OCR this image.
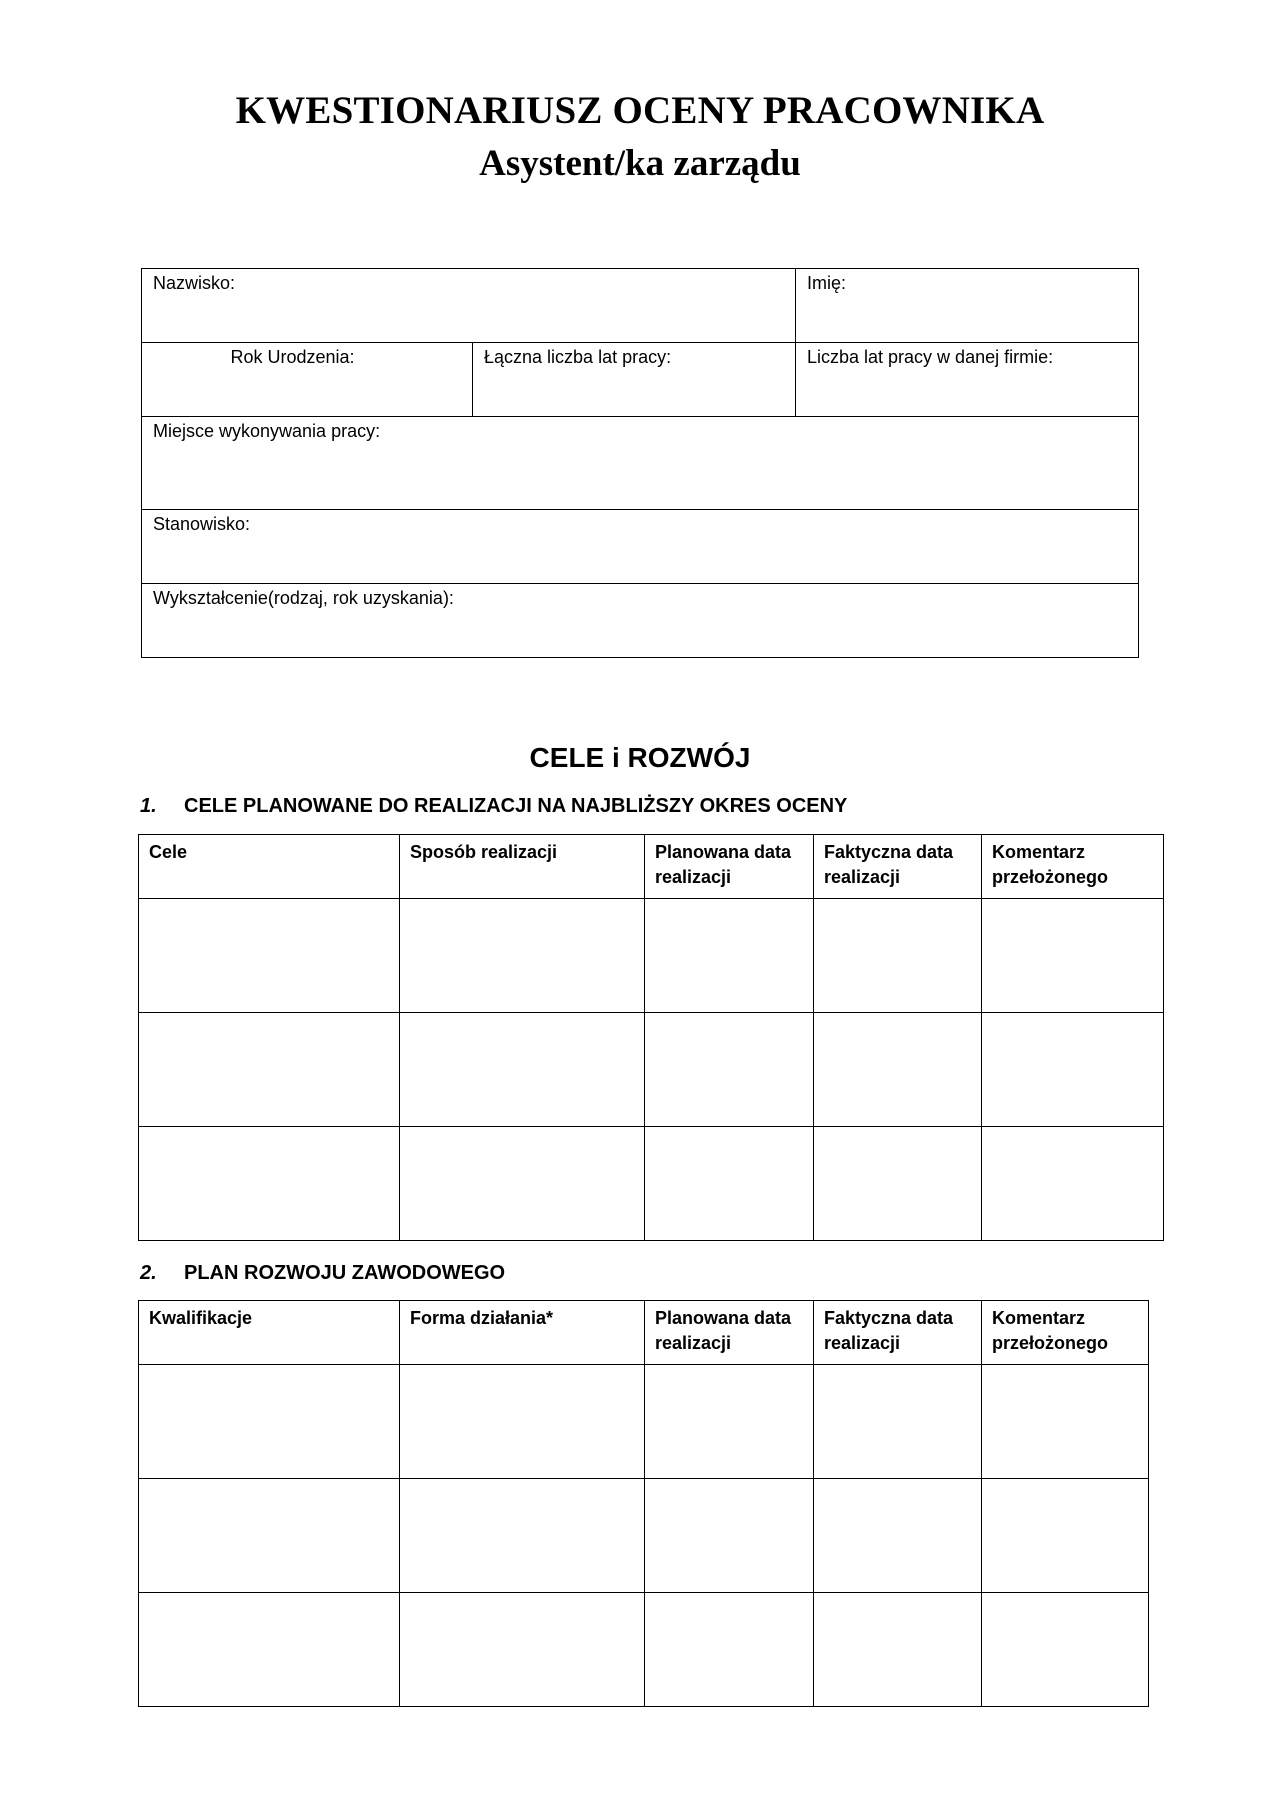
KWESTIONARIUSZ OCENY PRACOWNIKA
Asystent/ka zarządu
Nazwisko:		Imię:
Rok Urodzenia:	Łączna liczba lat pracy:	Liczba lat pracy w danej firmie:
Miejsce wykonywania pracy:		
Stanowisko:		
Wykształcenie(rodzaj, rok uzyskania):		
CELE i ROZWÓJ
1. CELE PLANOWANE DO REALIZACJI NA NAJBLIŻSZY OKRES OCENY
Cele	Sposób realizacji	Planowana data realizacji	Faktyczna data realizacji	Komentarz przełożonego

2. PLAN ROZWOJU ZAWODOWEGO
Kwalifikacje	Forma działania*	Planowana data realizacji	Faktyczna data realizacji	Komentarz przełożonego
